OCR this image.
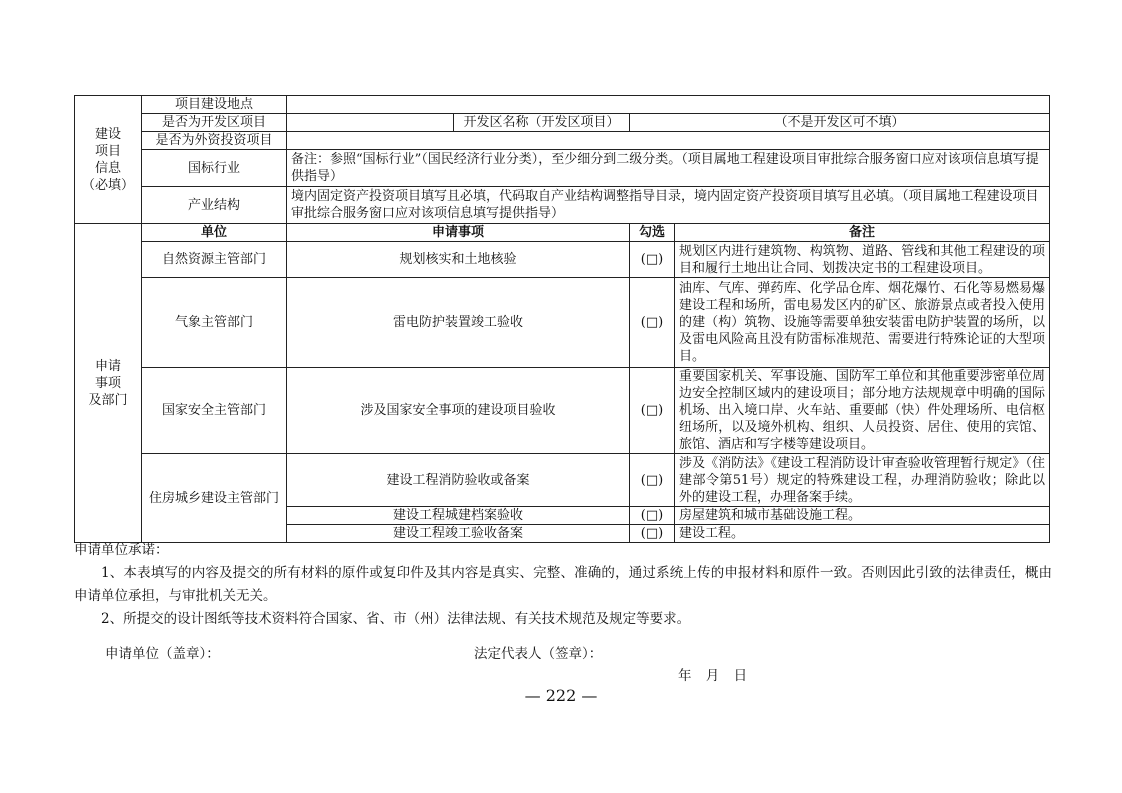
建设
项目
信息
（必填）	项目建设地点				
	是否为开发区项目		开发区名称（开发区项目）	（不是开发区可不填）	
	是否为外资投资项目				
	国标行业	备注：参照“国标行业”（国民经济行业分类），至少细分到二级分类。（项目属地工程建设项目审批综合服务窗口应对该项信息填写提供指导）			
	产业结构	境内固定资产投资项目填写且必填，代码取自产业结构调整指导目录，境内固定资产投资项目填写且必填。（项目属地工程建设项目审批综合服务窗口应对该项信息填写提供指导）			

申请
事项
及部门	单位	申请事项		勾选	备注
	自然资源主管部门	规划核实和土地核验		(□)	规划区内进行建筑物、构筑物、道路、管线和其他工程建设的项目和履行土地出让合同、划拨决定书的工程建设项目。
	气象主管部门	雷电防护装置竣工验收		(□)	油库、气库、弹药库、化学品仓库、烟花爆竹、石化等易燃易爆建设工程和场所，雷电易发区内的矿区、旅游景点或者投入使用的建（构）筑物、设施等需要单独安装雷电防护装置的场所，以及雷电风险高且没有防雷标准规范、需要进行特殊论证的大型项目。
	国家安全主管部门	涉及国家安全事项的建设项目验收		(□)	重要国家机关、军事设施、国防军工单位和其他重要涉密单位周边安全控制区域内的建设项目；部分地方法规规章中明确的国际机场、出入境口岸、火车站、重要邮（快）件处理场所、电信枢纽场所，以及境外机构、组织、人员投资、居住、使用的宾馆、旅馆、酒店和写字楼等建设项目。
	住房城乡建设主管部门	建设工程消防验收或备案		(□)	涉及《消防法》《建设工程消防设计审查验收管理暂行规定》（住建部令第51号）规定的特殊建设工程，办理消防验收；除此以外的建设工程，办理备案手续。
		建设工程城建档案验收		(□)	房屋建筑和城市基础设施工程。
		建设工程竣工验收备案		(□)	建设工程。

申请单位承诺：

1、本表填写的内容及提交的所有材料的原件或复印件及其内容是真实、完整、准确的，通过系统上传的申报材料和原件一致。否则因此引致的法律责任，概由申请单位承担，与审批机关无关。

2、所提交的设计图纸等技术资料符合国家、省、市（州）法律法规、有关技术规范及规定等要求。

申请单位（盖章）：	法定代表人（签章）：
年 月 日
— 222 —
